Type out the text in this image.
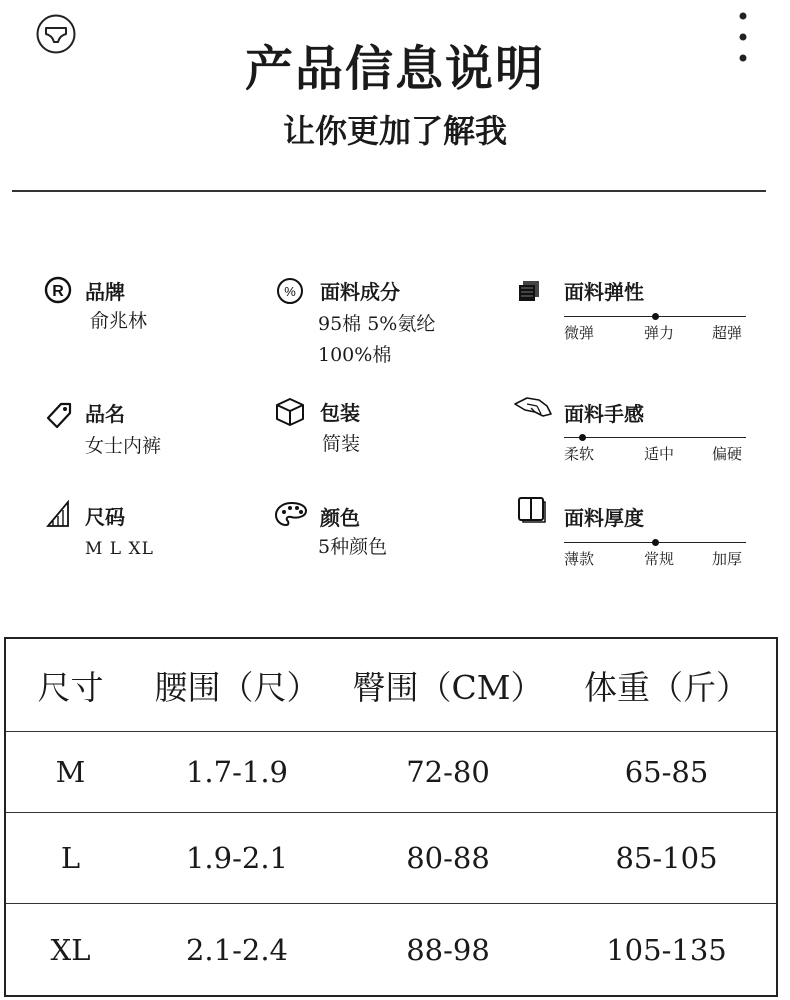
产品信息说明
让你更加了解我
R 品牌
俞兆林
品名
女士内裤
尺码
M L XL
% 面料成分
95棉 5%氨纶
100%棉
包装
简装
颜色
5种颜色
面料弹性
微弹	弹力	超弹
面料手感
柔软	适中	偏硬
面料厚度
薄款	常规	加厚
尺寸	腰围（尺）	臀围（CM）	体重（斤）
M	1.7-1.9	72-80	65-85
L	1.9-2.1	80-88	85-105
XL	2.1-2.4	88-98	105-135
